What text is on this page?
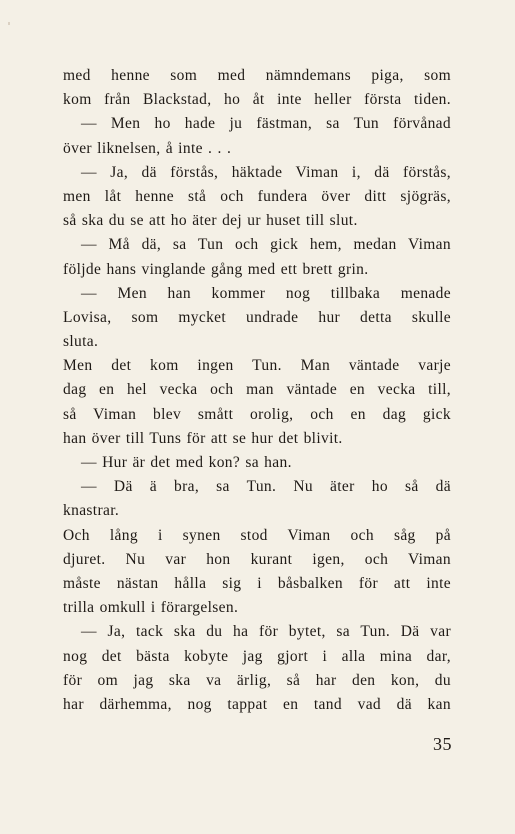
med henne som med nämndemans piga, som
kom från Blackstad, ho åt inte heller första tiden.
— Men ho hade ju fästman, sa Tun förvånad
över liknelsen, å inte . . .
— Ja, dä förstås, häktade Viman i, dä förstås,
men låt henne stå och fundera över ditt sjögräs,
så ska du se att ho äter dej ur huset till slut.
— Må dä, sa Tun och gick hem, medan Viman
följde hans vinglande gång med ett brett grin.
— Men han kommer nog tillbaka menade
Lovisa, som mycket undrade hur detta skulle
sluta.
Men det kom ingen Tun. Man väntade varje
dag en hel vecka och man väntade en vecka till,
så Viman blev smått orolig, och en dag gick
han över till Tuns för att se hur det blivit.
— Hur är det med kon? sa han.
— Dä ä bra, sa Tun. Nu äter ho så dä
knastrar.
Och lång i synen stod Viman och såg på
djuret. Nu var hon kurant igen, och Viman
måste nästan hålla sig i båsbalken för att inte
trilla omkull i förargelsen.
— Ja, tack ska du ha för bytet, sa Tun. Dä var
nog det bästa kobyte jag gjort i alla mina dar,
för om jag ska va ärlig, så har den kon, du
har därhemma, nog tappat en tand vad dä kan
35
